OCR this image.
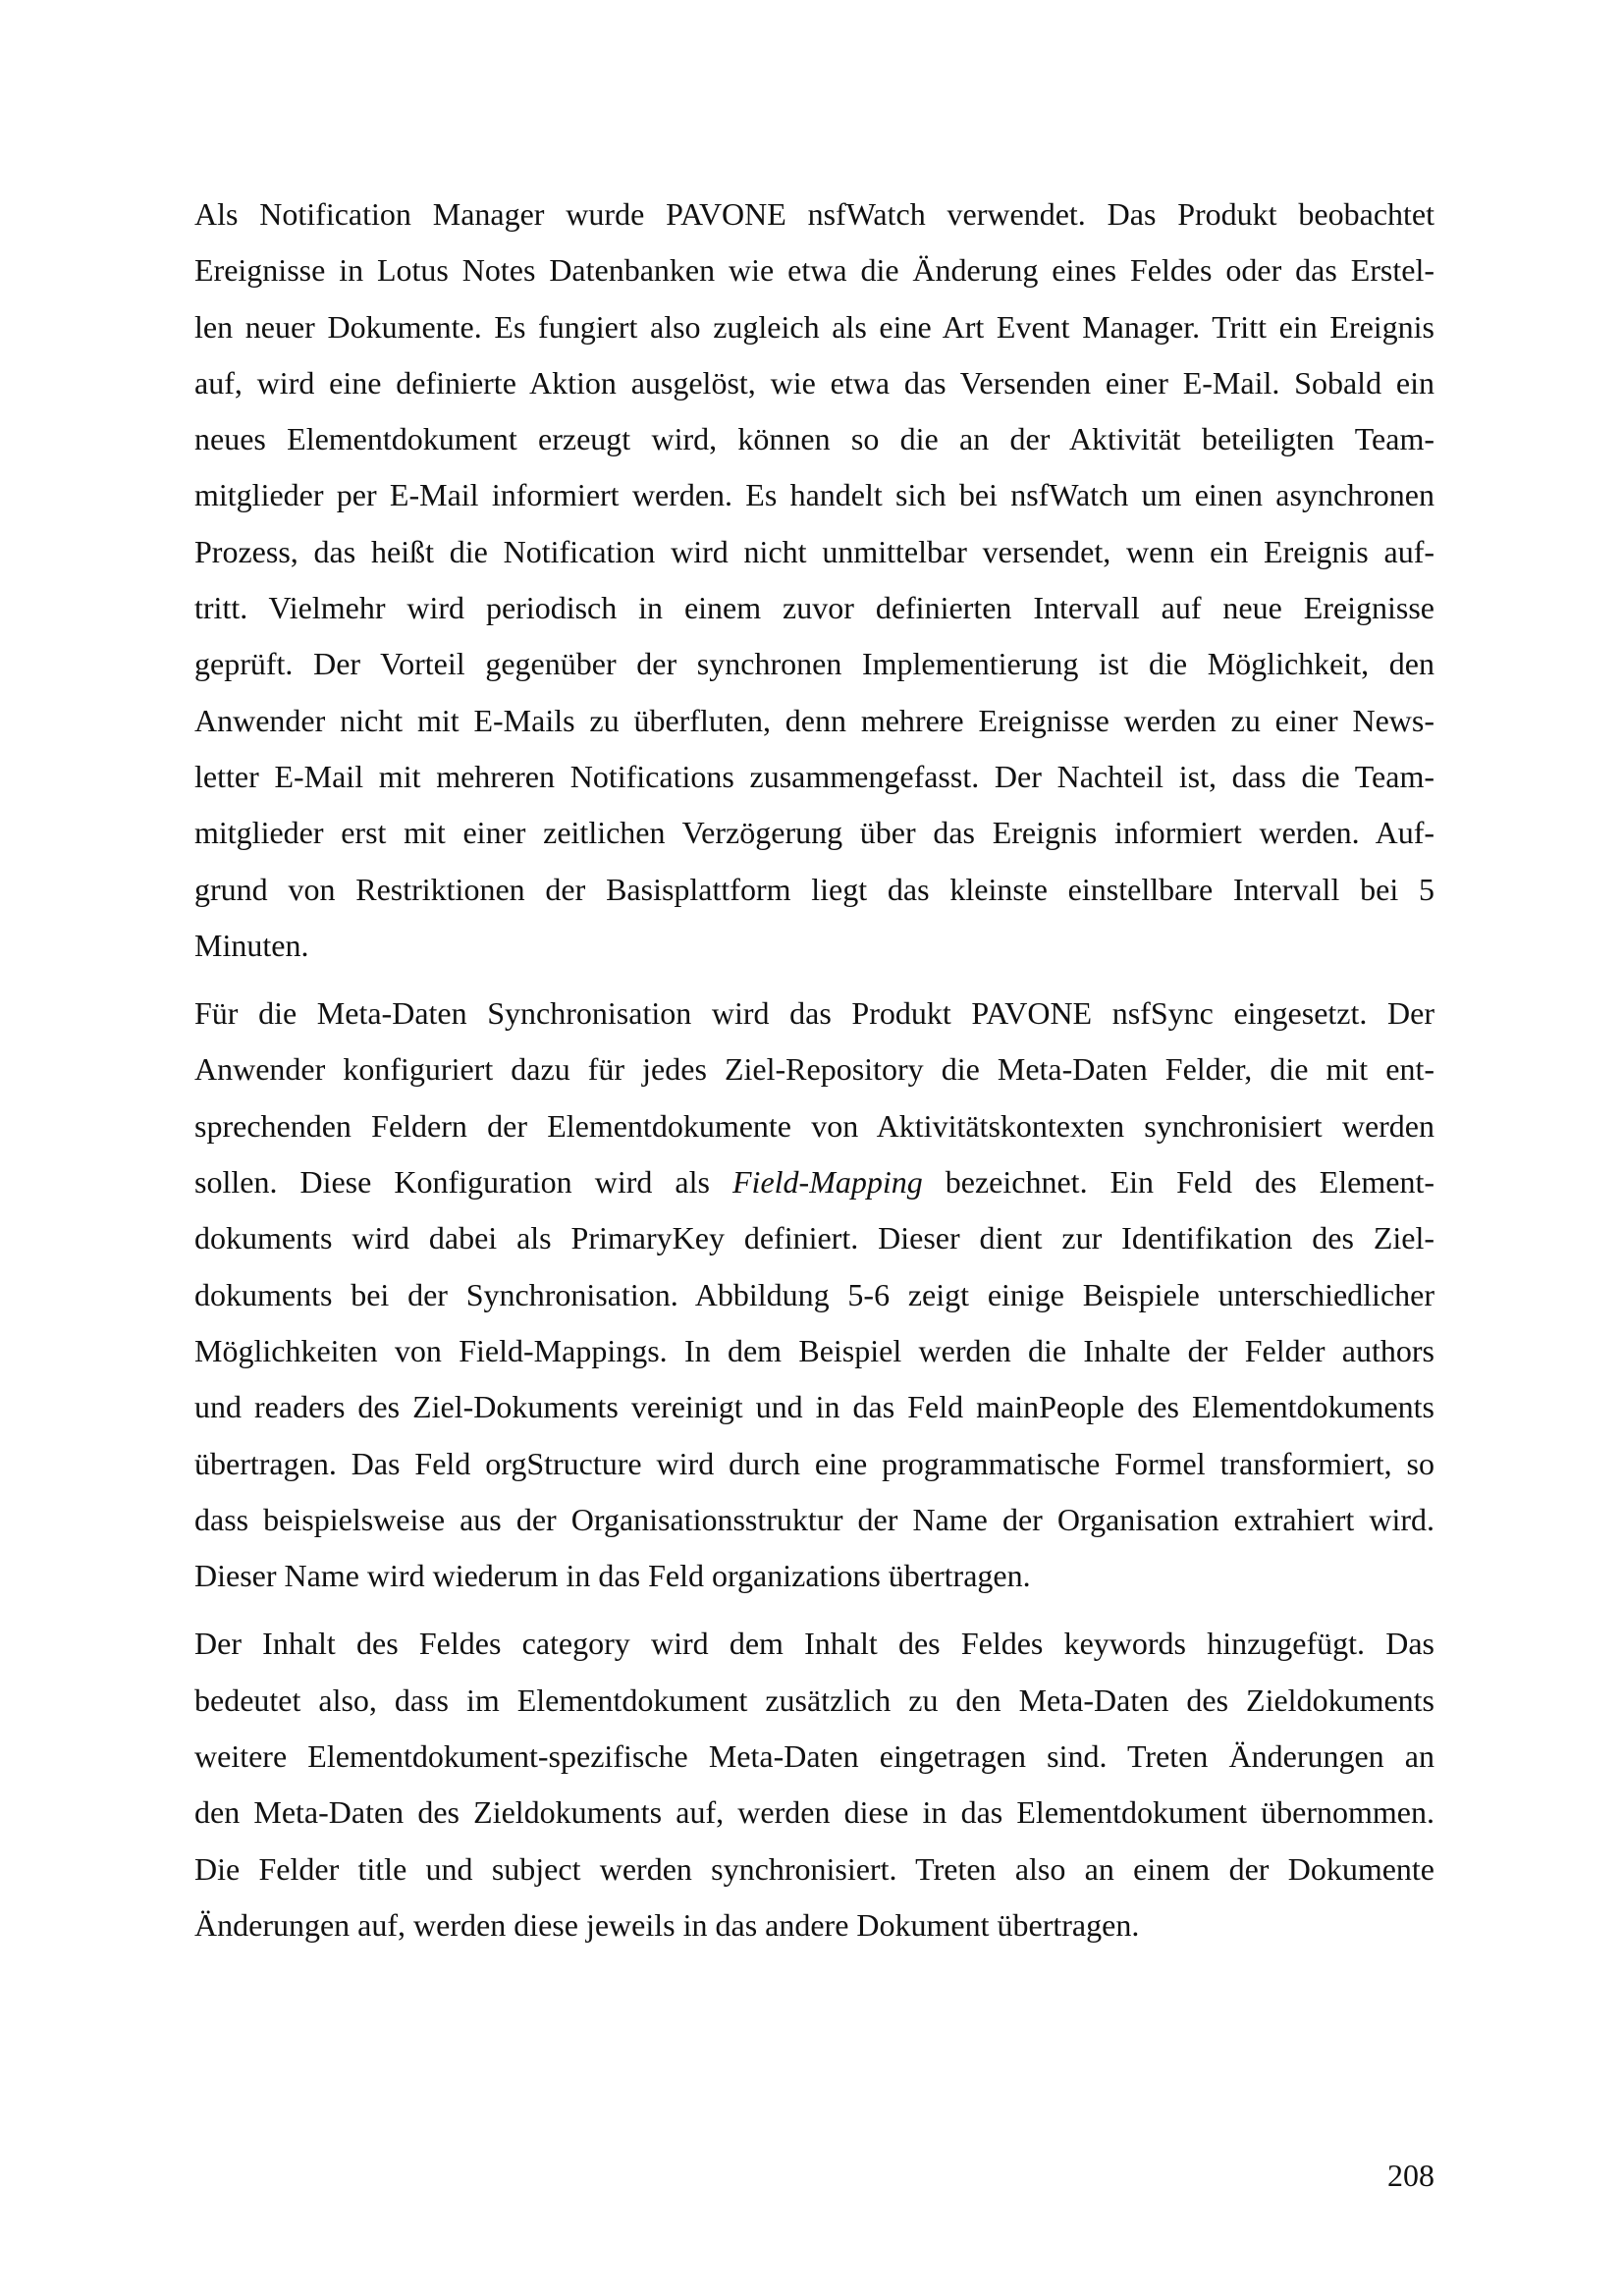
Als Notification Manager wurde PAVONE nsfWatch verwendet. Das Produkt beobachtet
Ereignisse in Lotus Notes Datenbanken wie etwa die Änderung eines Feldes oder das Erstel-
len neuer Dokumente. Es fungiert also zugleich als eine Art Event Manager. Tritt ein Ereignis
auf, wird eine definierte Aktion ausgelöst, wie etwa das Versenden einer E-Mail. Sobald ein
neues Elementdokument erzeugt wird, können so die an der Aktivität beteiligten Team-
mitglieder per E-Mail informiert werden. Es handelt sich bei nsfWatch um einen asynchronen
Prozess, das heißt die Notification wird nicht unmittelbar versendet, wenn ein Ereignis auf-
tritt. Vielmehr wird periodisch in einem zuvor definierten Intervall auf neue Ereignisse
geprüft. Der Vorteil gegenüber der synchronen Implementierung ist die Möglichkeit, den
Anwender nicht mit E-Mails zu überfluten, denn mehrere Ereignisse werden zu einer News-
letter E-Mail mit mehreren Notifications zusammengefasst. Der Nachteil ist, dass die Team-
mitglieder erst mit einer zeitlichen Verzögerung über das Ereignis informiert werden. Auf-
grund von Restriktionen der Basisplattform liegt das kleinste einstellbare Intervall bei 5
Minuten.
Für die Meta-Daten Synchronisation wird das Produkt PAVONE nsfSync eingesetzt. Der
Anwender konfiguriert dazu für jedes Ziel-Repository die Meta-Daten Felder, die mit ent-
sprechenden Feldern der Elementdokumente von Aktivitätskontexten synchronisiert werden
sollen. Diese Konfiguration wird als Field-Mapping bezeichnet. Ein Feld des Element-
dokuments wird dabei als PrimaryKey definiert. Dieser dient zur Identifikation des Ziel-
dokuments bei der Synchronisation. Abbildung 5-6 zeigt einige Beispiele unterschiedlicher
Möglichkeiten von Field-Mappings. In dem Beispiel werden die Inhalte der Felder authors
und readers des Ziel-Dokuments vereinigt und in das Feld mainPeople des Elementdokuments
übertragen. Das Feld orgStructure wird durch eine programmatische Formel transformiert, so
dass beispielsweise aus der Organisationsstruktur der Name der Organisation extrahiert wird.
Dieser Name wird wiederum in das Feld organizations übertragen.
Der Inhalt des Feldes category wird dem Inhalt des Feldes keywords hinzugefügt. Das
bedeutet also, dass im Elementdokument zusätzlich zu den Meta-Daten des Zieldokuments
weitere Elementdokument-spezifische Meta-Daten eingetragen sind. Treten Änderungen an
den Meta-Daten des Zieldokuments auf, werden diese in das Elementdokument übernommen.
Die Felder title und subject werden synchronisiert. Treten also an einem der Dokumente
Änderungen auf, werden diese jeweils in das andere Dokument übertragen.
208
